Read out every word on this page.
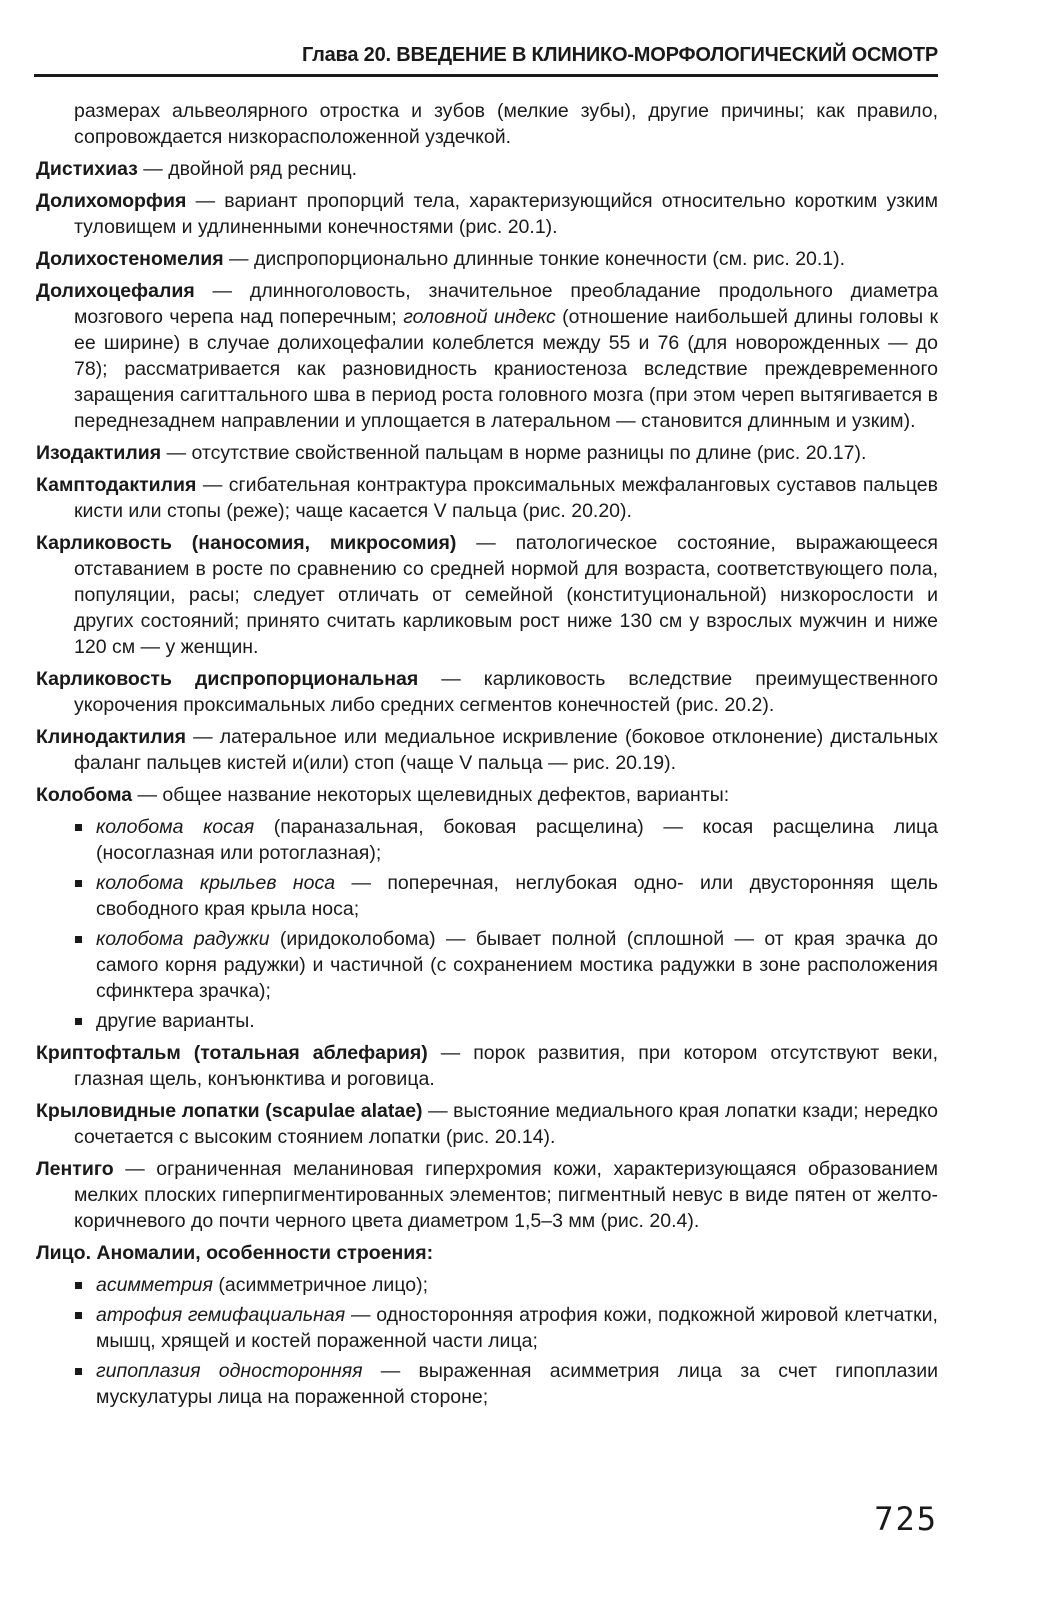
Глава 20. ВВЕДЕНИЕ В КЛИНИКО-МОРФОЛОГИЧЕСКИЙ ОСМОТР

размерах альвеолярного отростка и зубов (мелкие зубы), другие причины; как правило, сопровождается низкорасположенной уздечкой.

Дистихиаз — двойной ряд ресниц.

Долихоморфия — вариант пропорций тела, характеризующийся относительно коротким узким туловищем и удлиненными конечностями (рис. 20.1).

Долихостеномелия — диспропорционально длинные тонкие конечности (см. рис. 20.1).

Долихоцефалия — длинноголовость, значительное преобладание продольного диаметра мозгового черепа над поперечным; головной индекс (отношение наибольшей длины головы к ее ширине) в случае долихоцефалии колеблется между 55 и 76 (для новорожденных — до 78); рассматривается как разновидность краниостеноза вследствие преждевременного заращения сагиттального шва в период роста головного мозга (при этом череп вытягивается в переднезаднем направлении и уплощается в латеральном — становится длинным и узким).

Изодактилия — отсутствие свойственной пальцам в норме разницы по длине (рис. 20.17).

Камптодактилия — сгибательная контрактура проксимальных межфаланговых суставов пальцев кисти или стопы (реже); чаще касается V пальца (рис. 20.20).

Карликовость (наносомия, микросомия) — патологическое состояние, выражающееся отставанием в росте по сравнению со средней нормой для возраста, соответствующего пола, популяции, расы; следует отличать от семейной (конституциональной) низкорослости и других состояний; принято считать карликовым рост ниже 130 см у взрослых мужчин и ниже 120 см — у женщин.

Карликовость диспропорциональная — карликовость вследствие преимущественного укорочения проксимальных либо средних сегментов конечностей (рис. 20.2).

Клинодактилия — латеральное или медиальное искривление (боковое отклонение) дистальных фаланг пальцев кистей и(или) стоп (чаще V пальца — рис. 20.19).

Колобома — общее название некоторых щелевидных дефектов, варианты:

колобома косая (параназальная, боковая расщелина) — косая расщелина лица (носоглазная или ротоглазная);
колобома крыльев носа — поперечная, неглубокая одно- или двусторонняя щель свободного края крыла носа;
колобома радужки (иридоколобома) — бывает полной (сплошной — от края зрачка до самого корня радужки) и частичной (с сохранением мостика радужки в зоне расположения сфинктера зрачка);
другие варианты.

Криптофтальм (тотальная аблефария) — порок развития, при котором отсутствуют веки, глазная щель, конъюнктива и роговица.

Крыловидные лопатки (scapulae alatae) — выстояние медиального края лопатки кзади; нередко сочетается с высоким стоянием лопатки (рис. 20.14).

Лентиго — ограниченная меланиновая гиперхромия кожи, характеризующаяся образованием мелких плоских гиперпигментированных элементов; пигментный невус в виде пятен от желто-коричневого до почти черного цвета диаметром 1,5–3 мм (рис. 20.4).

Лицо. Аномалии, особенности строения:

асимметрия (асимметричное лицо);
атрофия гемифациальная — односторонняя атрофия кожи, подкожной жировой клетчатки, мышц, хрящей и костей пораженной части лица;
гипоплазия односторонняя — выраженная асимметрия лица за счет гипоплазии мускулатуры лица на пораженной стороне;
725
